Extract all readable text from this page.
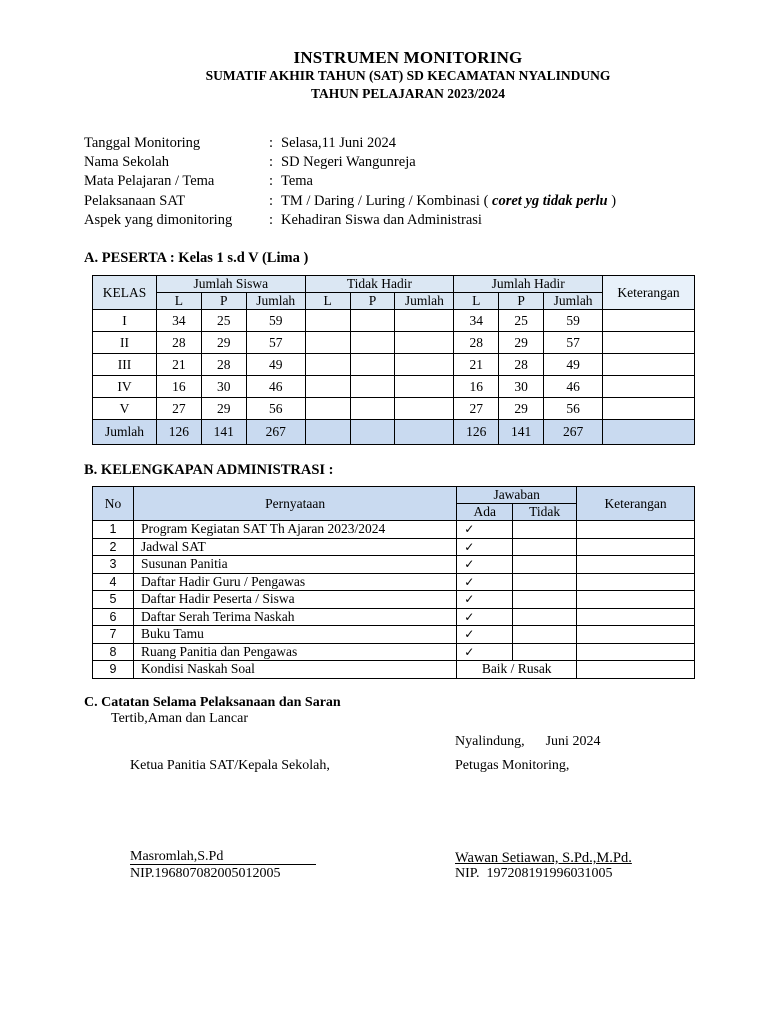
INSTRUMEN MONITORING
SUMATIF AKHIR TAHUN (SAT) SD KECAMATAN NYALINDUNG
TAHUN PELAJARAN 2023/2024
Tanggal Monitoring	: Selasa,11 Juni 2024
Nama Sekolah	: SD Negeri Wangunreja
Mata Pelajaran / Tema	: Tema
Pelaksanaan SAT	: TM / Daring / Luring / Kombinasi ( coret yg tidak perlu )
Aspek yang dimonitoring	: Kehadiran Siswa dan Administrasi
A. PESERTA : Kelas 1 s.d V (Lima )
KELAS	Jumlah Siswa			Tidak Hadir			Jumlah Hadir			Keterangan
	L	P	Jumlah	L	P	Jumlah	L	P	Jumlah	
I	34	25	59				34	25	59	
II	28	29	57				28	29	57	
III	21	28	49				21	28	49	
IV	16	30	46				16	30	46	
V	27	29	56				27	29	56	
Jumlah	126	141	267				126	141	267	
B. KELENGKAPAN ADMINISTRASI :
No	Pernyataan	Jawaban		Keterangan
		Ada	Tidak	
1	Program Kegiatan SAT Th Ajaran 2023/2024	✓		
2	Jadwal SAT	✓		
3	Susunan Panitia	✓		
4	Daftar Hadir Guru / Pengawas	✓		
5	Daftar Hadir Peserta / Siswa	✓		
6	Daftar Serah Terima Naskah	✓		
7	Buku Tamu	✓		
8	Ruang Panitia dan Pengawas	✓		
9	Kondisi Naskah Soal	Baik / Rusak		
C. Catatan Selama Pelaksanaan dan Saran
Tertib,Aman dan Lancar
Nyalindung,      Juni 2024
Ketua Panitia SAT/Kepala Sekolah,	Petugas Monitoring,
Masromlah,S.Pd
NIP.196807082005012005
Wawan Setiawan, S.Pd.,M.Pd.
NIP.  197208191996031005
